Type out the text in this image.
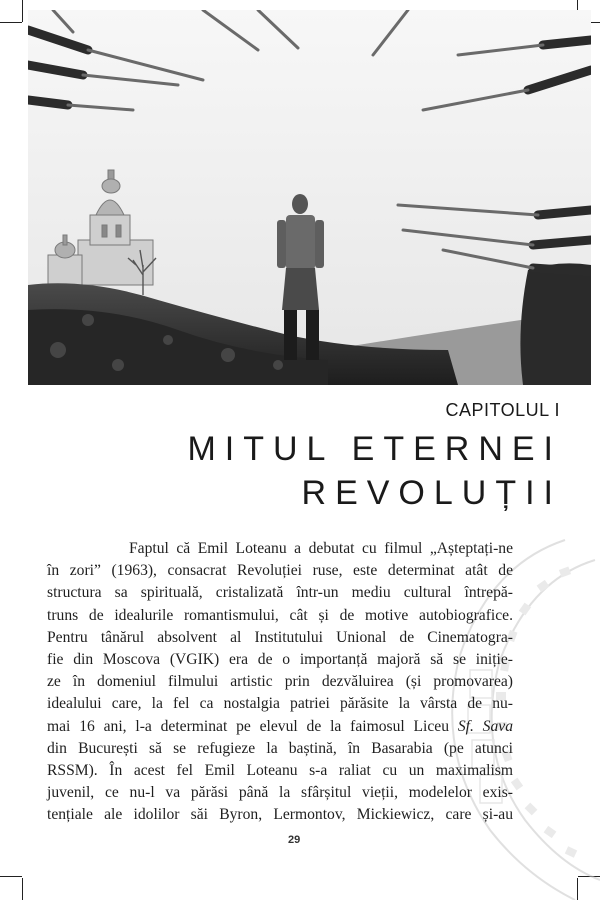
CAPITOLUL I
MITUL ETERNEI
REVOLUȚII
Faptul că Emil Loteanu a debutat cu filmul „Așteptați-ne
în zori” (1963), consacrat Revoluției ruse, este determinat atât de
structura sa spirituală, cristalizată într-un mediu cultural întrepă-
truns de idealurile romantismului, cât și de motive autobiografice.
Pentru tânărul absolvent al Institutului Unional de Cinematogra-
fie din Moscova (VGIK) era de o importanță majoră să se iniție-
ze în domeniul filmului artistic prin dezvăluirea (și promovarea)
idealului care, la fel ca nostalgia patriei părăsite la vârsta de nu-
mai 16 ani, l-a determinat pe elevul de la faimosul Liceu Sf. Sava
din București să se refugieze la baștină, în Basarabia (pe atunci
RSSM). În acest fel Emil Loteanu s-a raliat cu un maximalism
juvenil, ce nu-l va părăsi până la sfârșitul vieții, modelelor exis-
tențiale ale idolilor săi Byron, Lermontov, Mickiewicz, care și-au
29
